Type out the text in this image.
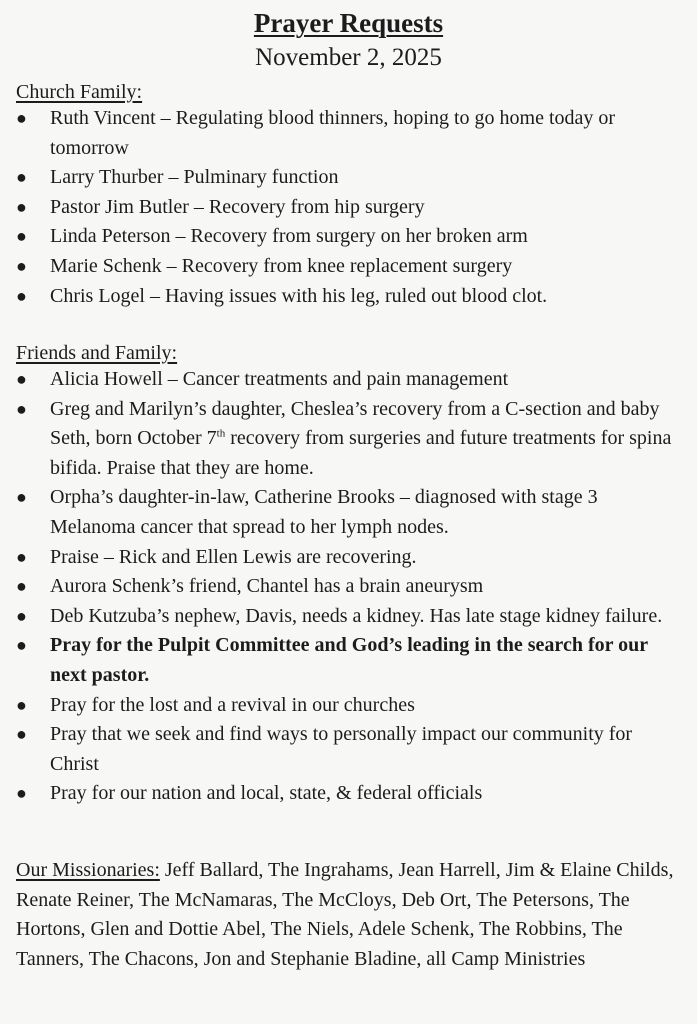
Prayer Requests
November 2, 2025
Church Family:
● Ruth Vincent – Regulating blood thinners, hoping to go home today or tomorrow
● Larry Thurber – Pulminary function
● Pastor Jim Butler – Recovery from hip surgery
● Linda Peterson – Recovery from surgery on her broken arm
● Marie Schenk – Recovery from knee replacement surgery
● Chris Logel – Having issues with his leg, ruled out blood clot.
Friends and Family:
● Alicia Howell – Cancer treatments and pain management
● Greg and Marilyn’s daughter, Cheslea’s recovery from a C-section and baby Seth, born October 7th recovery from surgeries and future treatments for spina bifida. Praise that they are home.
● Orpha’s daughter-in-law, Catherine Brooks – diagnosed with stage 3 Melanoma cancer that spread to her lymph nodes.
● Praise – Rick and Ellen Lewis are recovering.
● Aurora Schenk’s friend, Chantel has a brain aneurysm
● Deb Kutzuba’s nephew, Davis, needs a kidney. Has late stage kidney failure.
● Pray for the Pulpit Committee and God’s leading in the search for our next pastor.
● Pray for the lost and a revival in our churches
● Pray that we seek and find ways to personally impact our community for Christ
● Pray for our nation and local, state, & federal officials
Our Missionaries: Jeff Ballard, The Ingrahams, Jean Harrell, Jim & Elaine Childs, Renate Reiner, The McNamaras, The McCloys, Deb Ort, The Petersons, The Hortons, Glen and Dottie Abel, The Niels, Adele Schenk, The Robbins, The Tanners, The Chacons, Jon and Stephanie Bladine, all Camp Ministries
